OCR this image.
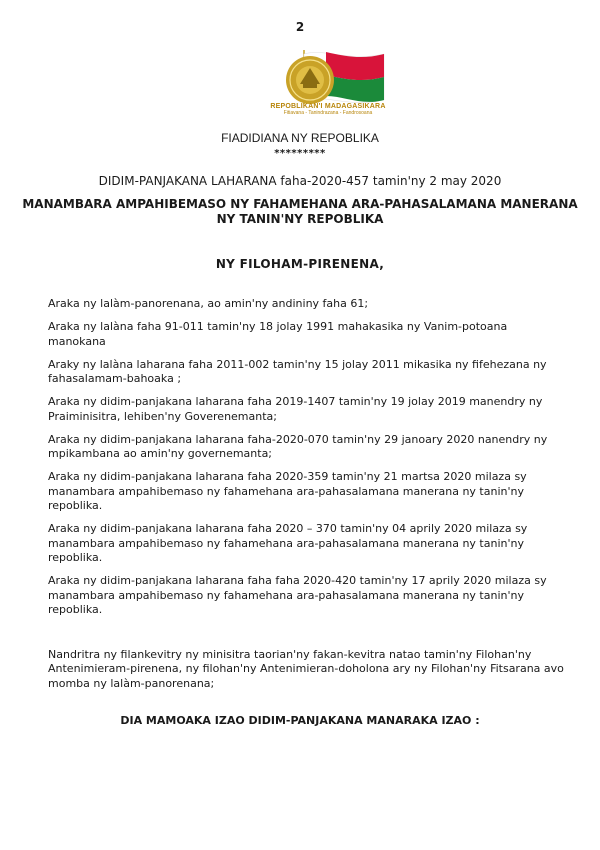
2
REPOBLIKAN'I MADAGASIKARA
Fitiavana - Tanindrazana - Fandrosoana
FIADIDIANA NY REPOBLIKA
*********
DIDIM-PANJAKANA LAHARANA faha-2020-457 tamin'ny 2 may 2020
MANAMBARA AMPAHIBEMASO NY FAHAMEHANA ARA-PAHASALAMANA MANERANA
NY TANIN'NY REPOBLIKA
NY FILOHAM-PIRENENA,

Araka ny lalàm-panorenana, ao amin'ny andininy faha 61;

Araka ny lalàna faha 91-011 tamin'ny 18 jolay 1991 mahakasika ny Vanim-potoana manokana

Araky ny lalàna laharana faha 2011-002 tamin'ny 15 jolay 2011 mikasika ny fifehezana ny fahasalamam-bahoaka ;

Araka ny didim-panjakana laharana faha 2019-1407 tamin'ny 19 jolay 2019 manendry ny Praiminisitra, lehiben'ny Goverenemanta;

Araka ny didim-panjakana laharana faha-2020-070 tamin'ny 29 janoary 2020 nanendry ny mpikambana ao amin'ny governemanta;

Araka ny didim-panjakana laharana faha 2020-359 tamin'ny 21 martsa 2020 milaza sy manambara ampahibemaso ny fahamehana ara-pahasalamana manerana ny tanin'ny repoblika.

Araka ny didim-panjakana laharana faha 2020 – 370 tamin'ny 04 aprily 2020 milaza sy manambara ampahibemaso ny fahamehana ara-pahasalamana manerana ny tanin'ny repoblika.

Araka ny didim-panjakana laharana faha faha 2020-420 tamin'ny 17 aprily 2020 milaza sy manambara ampahibemaso ny fahamehana ara-pahasalamana manerana ny tanin'ny repoblika.

Nandritra ny filankevitry ny minisitra taorian'ny fakan-kevitra natao tamin'ny Filohan'ny Antenimieram-pirenena, ny filohan'ny Antenimieran-doholona ary ny Filohan'ny Fitsarana avo momba ny lalàm-panorenana;

DIA MAMOAKA IZAO DIDIM-PANJAKANA MANARAKA IZAO :
